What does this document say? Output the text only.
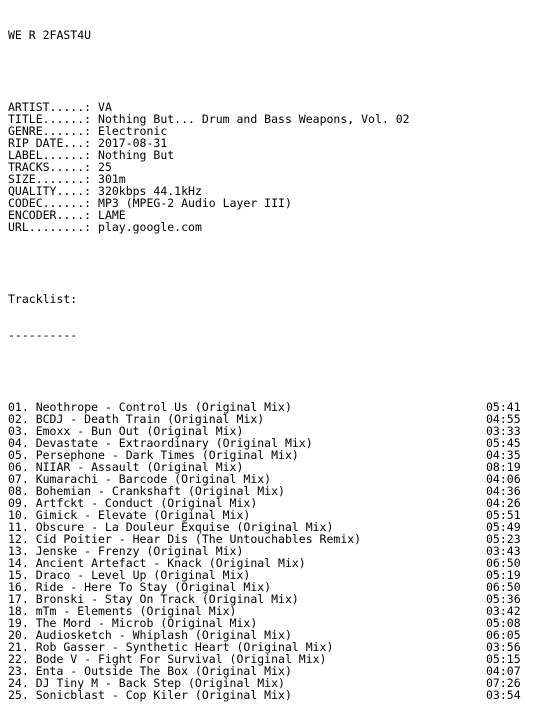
WE R 2FAST4U

ARTIST.....: VA
TITLE......: Nothing But... Drum and Bass Weapons, Vol. 02
GENRE......: Electronic
RIP DATE...: 2017-08-31
LABEL......: Nothing But
TRACKS.....: 25
SIZE.......: 301m
QUALITY....: 320kbps 44.1kHz
CODEC......: MP3 (MPEG-2 Audio Layer III)
ENCODER....: LAME
URL........: play.google.com

Tracklist:

----------

01. Neothrope - Control Us (Original Mix)	05:41
02. BCDJ - Death Train (Original Mix)	04:55
03. Emoxx - Bun Out (Original Mix)	03:33
04. Devastate - Extraordinary (Original Mix)	05:45
05. Persephone - Dark Times (Original Mix)	04:35
06. NIIAR - Assault (Original Mix)	08:19
07. Kumarachi - Barcode (Original Mix)	04:06
08. Bohemian - Crankshaft (Original Mix)	04:36
09. Artfckt - Conduct (Original Mix)	04:26
10. Gimick - Elevate (Original Mix)	05:51
11. Obscure - La Douleur Exquise (Original Mix)	05:49
12. Cid Poitier - Hear Dis (The Untouchables Remix)	05:23
13. Jenske - Frenzy (Original Mix)	03:43
14. Ancient Artefact - Knack (Original Mix)	06:50
15. Draco - Level Up (Original Mix)	05:19
16. Ride - Here To Stay (Original Mix)	06:50
17. Bronski - Stay On Track (Original Mix)	05:36
18. mTm - Elements (Original Mix)	03:42
19. The Mord - Microb (Original Mix)	05:08
20. Audiosketch - Whiplash (Original Mix)	06:05
21. Rob Gasser - Synthetic Heart (Original Mix)	03:56
22. Bode V - Fight For Survival (Original Mix)	05:15
23. Enta - Outside The Box (Original Mix)	04:07
24. DJ Tiny M - Back Step (Original Mix)	07:26
25. Sonicblast - Cop Kiler (Original Mix)	03:54
